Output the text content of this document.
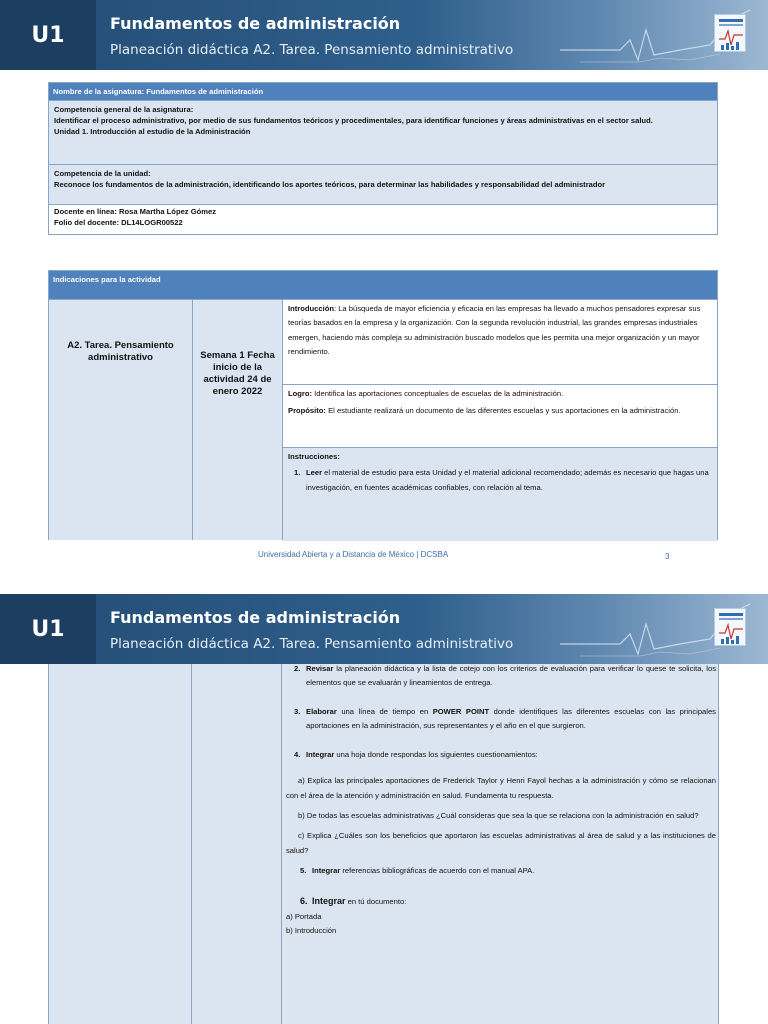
U1	Fundamentos de administración
Planeación didáctica A2. Tarea. Pensamiento administrativo
Nombre de la asignatura: Fundamentos de administración
Competencia general de la asignatura:
Identificar el proceso administrativo, por medio de sus fundamentos teóricos y procedimentales, para identificar funciones y áreas administrativas en el sector salud.
Unidad 1. Introducción al estudio de la Administración
Competencia de la unidad:
Reconoce los fundamentos de la administración, identificando los aportes teóricos, para determinar las habilidades y responsabilidad del administrador
Docente en línea: Rosa Martha López Gómez
Folio del docente: DL14LOGR00522
Indicaciones para la actividad
A2. Tarea. Pensamiento administrativo	Semana 1 Fecha inicio de la actividad 24 de enero 2022
Introducción: La búsqueda de mayor eficiencia y eficacia en las empresas ha llevado a muchos pensadores expresar sus teorías basados en la empresa y la organización. Con la segunda revolución industrial, las grandes empresas industriales emergen, haciendo más compleja su administración buscado modelos que les permita una mejor organización y un mayor rendimiento.
Logro: Identifica las aportaciones conceptuales de escuelas de la administración.
Propósito: El estudiante realizará un documento de las diferentes escuelas y sus aportaciones en la administración.
Instrucciones:
1. Leer el material de estudio para esta Unidad y el material adicional recomendado; además es necesario que hagas una investigación, en fuentes académicas confiables, con relación al tema.
Universidad Abierta y a Distancia de México | DCSBA	3
U1	Fundamentos de administración
Planeación didáctica A2. Tarea. Pensamiento administrativo
2. Revisar la planeación didáctica y la lista de cotejo con los criterios de evaluación para verificar lo quese te solicita, los elementos que se evaluarán y lineamientos de entrega.
3. Elaborar una línea de tiempo en POWER POINT donde identifiques las diferentes escuelas con las principales aportaciones en la administración, sus representantes y el año en el que surgieron.
4. Integrar una hoja donde respondas los siguientes cuestionamientos:

a) Explica las principales aportaciones de Frederick Taylor y Henri Fayol hechas a la administración y cómo se relacionan con el área de la atención y administración en salud. Fundamenta tu respuesta.

b) De todas las escuelas administrativas ¿Cuál consideras que sea la que se relaciona con la administración en salud?

c) Explica ¿Cuáles son los beneficios que aportaron las escuelas administrativas al área de salud y a las instituciones de salud?

5. Integrar referencias bibliográficas de acuerdo con el manual APA.
6. Integrar en tú documento:
a) Portada
b) Introducción
